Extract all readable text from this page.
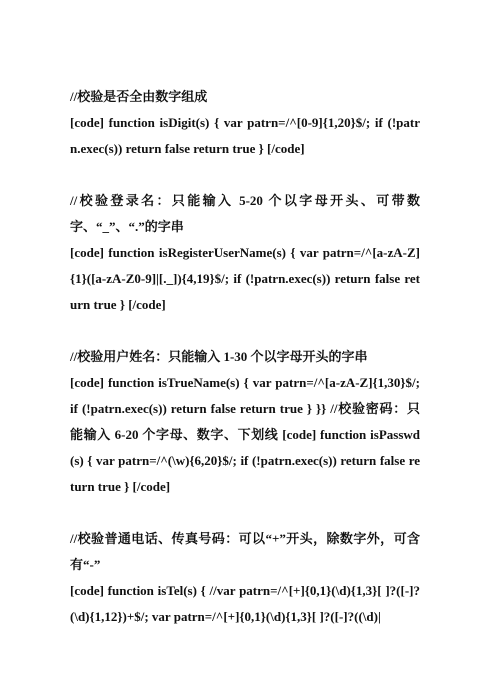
//校验是否全由数字组成

[code] function isDigit(s) { var patrn=/^[0-9]{1,20}$/; if (!patrn.exec(s)) return false return true } [/code]

//校验登录名：只能输入 5-20 个以字母开头、可带数字、“_”、“.”的字串

[code] function isRegisterUserName(s) { var patrn=/^[a-zA-Z]{1}([a-zA-Z0-9]|[._]){4,19}$/; if (!patrn.exec(s)) return false return true } [/code]

//校验用户姓名：只能输入 1-30 个以字母开头的字串

[code] function isTrueName(s) { var patrn=/^[a-zA-Z]{1,30}$/; if (!patrn.exec(s)) return false return true } }} //校验密码：只能输入 6-20 个字母、数字、下划线 [code] function isPasswd(s) { var patrn=/^(\w){6,20}$/; if (!patrn.exec(s)) return false return true } [/code]

//校验普通电话、传真号码：可以“+”开头，除数字外，可含有“-”

[code] function isTel(s) { //var patrn=/^[+]{0,1}(\d){1,3}[ ]?([-]?(\d){1,12})+$/; var patrn=/^[+]{0,1}(\d){1,3}[ ]?([-]?((\d)|
